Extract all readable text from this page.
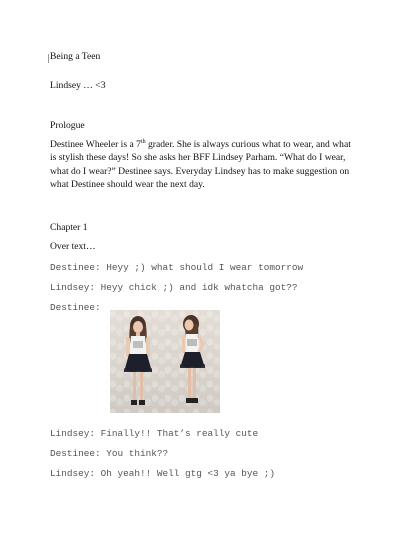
Being a Teen
Lindsey … <3
Prologue
Destinee Wheeler is a 7th grader. She is always curious what to wear, and what
is stylish these days! So she asks her BFF Lindsey Parham. “What do I wear,
what do I wear?” Destinee says. Everyday Lindsey has to make suggestion on
what Destinee should wear the next day.
Chapter 1
Over text…
Destinee: Heyy ;) what should I wear tomorrow
Lindsey: Heyy chick ;) and idk whatcha got??
Destinee:
Lindsey: Finally!! That’s really cute
Destinee: You think??
Lindsey: Oh yeah!! Well gtg <3 ya bye ;)
